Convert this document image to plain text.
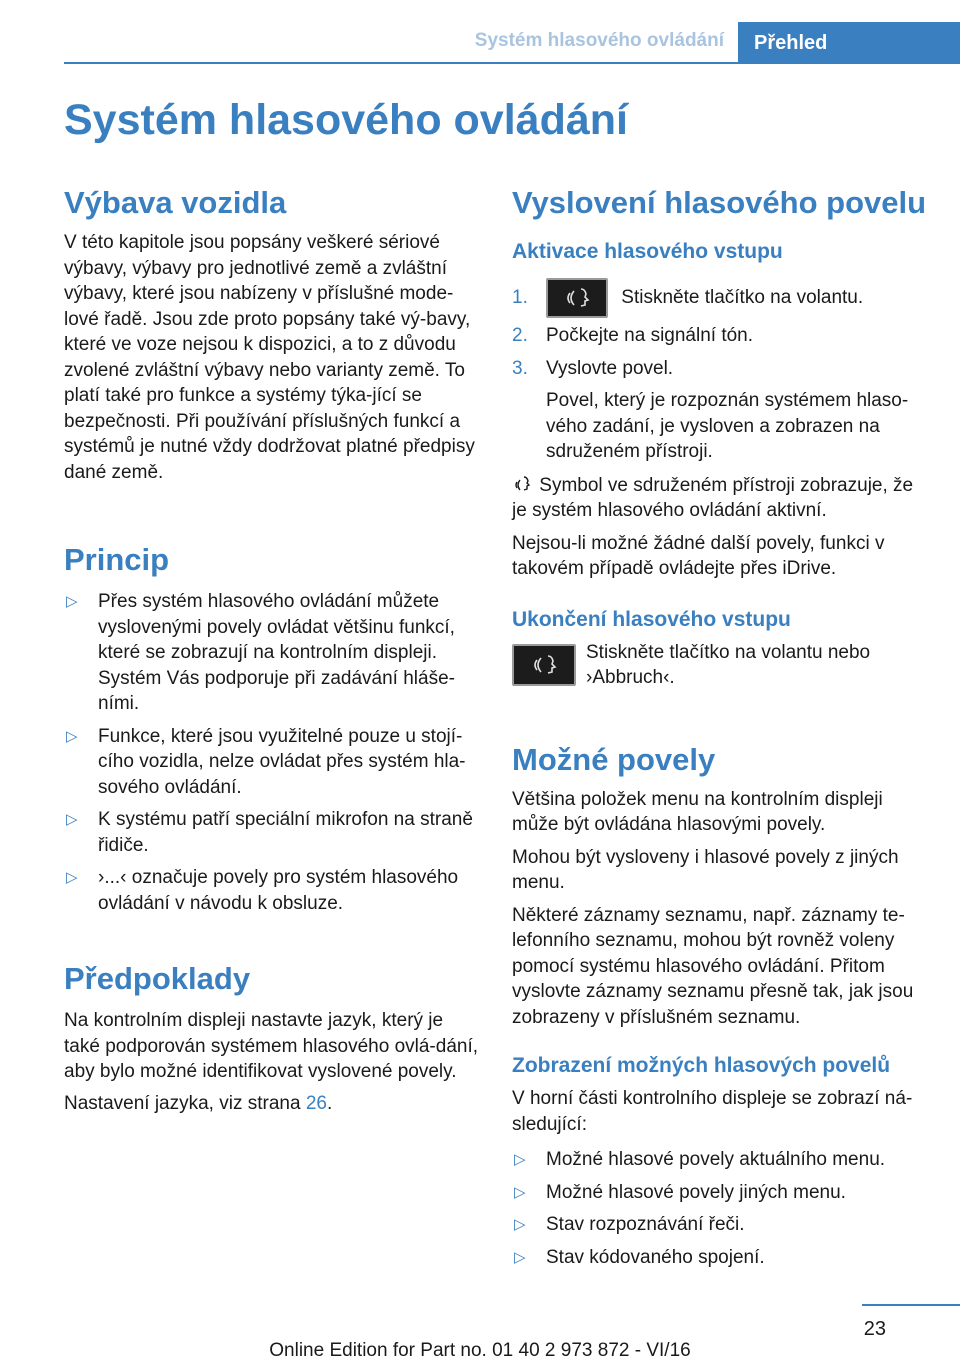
Systém hlasového ovládání	Přehled
Systém hlasového ovládání
Výbava vozidla

V této kapitole jsou popsány veškeré sériové výbavy, výbavy pro jednotlivé země a zvláštní výbavy, které jsou nabízeny v příslušné mode-lové řadě. Jsou zde proto popsány také vý-bavy, které ve voze nejsou k dispozici, a to z důvodu zvolené zvláštní výbavy nebo varianty země. To platí také pro funkce a systémy týka-jící se bezpečnosti. Při používání příslušných funkcí a systémů je nutné vždy dodržovat platné předpisy dané země.

Princip
▷ Přes systém hlasového ovládání můžete vyslovenými povely ovládat většinu funkcí, které se zobrazují na kontrolním displeji. Systém Vás podporuje při zadávání hláše-ními.
▷ Funkce, které jsou využitelné pouze u stojí-cího vozidla, nelze ovládat přes systém hla-sového ovládání.
▷ K systému patří speciální mikrofon na straně řidiče.
▷ ›...‹ označuje povely pro systém hlasového ovládání v návodu k obsluze.
Předpoklady

Na kontrolním displeji nastavte jazyk, který je také podporován systémem hlasového ovlá-dání, aby bylo možné identifikovat vyslovené povely.

Nastavení jazyka, viz strana 26.

Vyslovení hlasového povelu
Aktivace hlasového vstupu
1.	Stiskněte tlačítko na volantu.
2. Počkejte na signální tón.
3. Vyslovte povel.
Povel, který je rozpoznán systémem hlaso-vého zadání, je vysloven a zobrazen na sdruženém přístroji.

Symbol ve sdruženém přístroji zobrazuje, že je systém hlasového ovládání aktivní.

Nejsou-li možné žádné další povely, funkci v takovém případě ovládejte přes iDrive.

Ukončení hlasového vstupu

Stiskněte tlačítko na volantu nebo ›Abbruch‹.

Možné povely

Většina položek menu na kontrolním displeji může být ovládána hlasovými povely.

Mohou být vysloveny i hlasové povely z jiných menu.

Některé záznamy seznamu, např. záznamy te-lefonního seznamu, mohou být rovněž voleny pomocí systému hlasového ovládání. Přitom vyslovte záznamy seznamu přesně tak, jak jsou zobrazeny v příslušném seznamu.

Zobrazení možných hlasových povelů

V horní části kontrolního displeje se zobrazí ná-sledující:

▷ Možné hlasové povely aktuálního menu.
▷ Možné hlasové povely jiných menu.
▷ Stav rozpoznávání řeči.
▷ Stav kódovaného spojení.
23
Online Edition for Part no. 01 40 2 973 872 - VI/16
